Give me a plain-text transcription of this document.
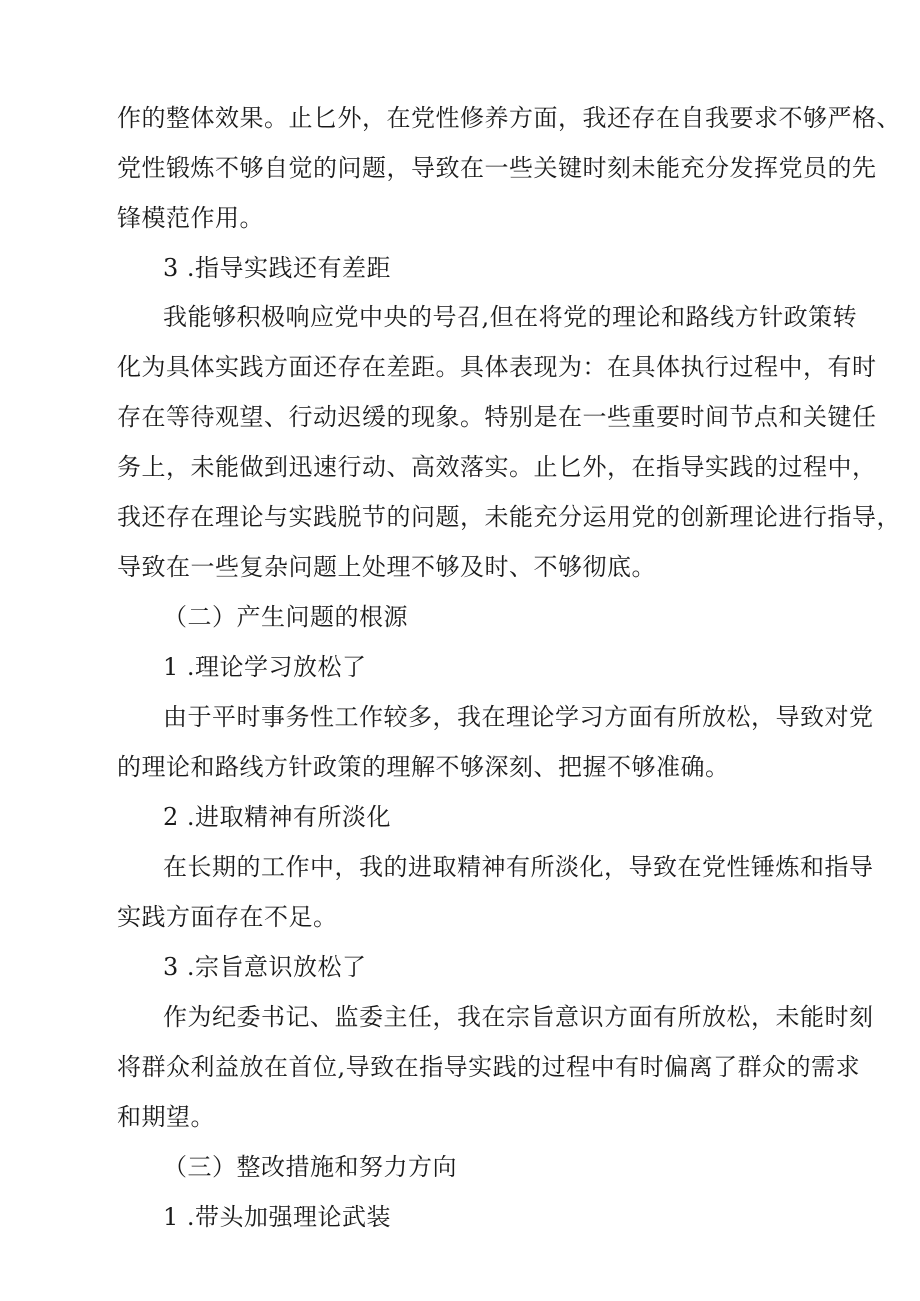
作的整体效果。止匕外，在党性修养方面，我还存在自我要求不够严格、
党性锻炼不够自觉的问题，导致在一些关键时刻未能充分发挥党员的先
锋模范作用。
3 .指导实践还有差距
我能够积极响应党中央的号召,但在将党的理论和路线方针政策转
化为具体实践方面还存在差距。具体表现为：在具体执行过程中，有时
存在等待观望、行动迟缓的现象。特别是在一些重要时间节点和关键任
务上，未能做到迅速行动、高效落实。止匕外，在指导实践的过程中，
我还存在理论与实践脱节的问题，未能充分运用党的创新理论进行指导，
导致在一些复杂问题上处理不够及时、不够彻底。
（二）产生问题的根源
1 .理论学习放松了
由于平时事务性工作较多，我在理论学习方面有所放松，导致对党
的理论和路线方针政策的理解不够深刻、把握不够准确。
2 .进取精神有所淡化
在长期的工作中，我的进取精神有所淡化，导致在党性锤炼和指导
实践方面存在不足。
3 .宗旨意识放松了
作为纪委书记、监委主任，我在宗旨意识方面有所放松，未能时刻
将群众利益放在首位,导致在指导实践的过程中有时偏离了群众的需求
和期望。
（三）整改措施和努力方向
1 .带头加强理论武装
